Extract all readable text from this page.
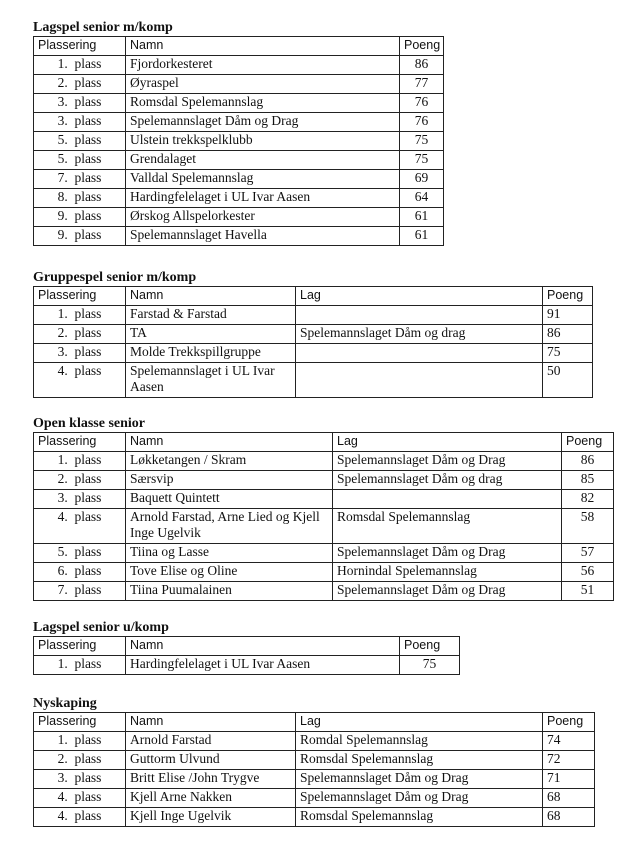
Lagspel senior m/komp
Plassering	Namn	Poeng
1.  plass	Fjordorkesteret	86
2.  plass	Øyraspel	77
3.  plass	Romsdal Spelemannslag	76
3.  plass	Spelemannslaget Dåm og Drag	76
5.  plass	Ulstein trekkspelklubb	75
5.  plass	Grendalaget	75
7.  plass	Valldal Spelemannslag	69
8.  plass	Hardingfelelaget i UL Ivar Aasen	64
9.  plass	Ørskog Allspelorkester	61
9.  plass	Spelemannslaget Havella	61
Gruppespel senior m/komp
Plassering	Namn	Lag	Poeng
1.  plass	Farstad & Farstad		91
2.  plass	TA	Spelemannslaget Dåm og drag	86
3.  plass	Molde Trekkspillgruppe		75
4.  plass	Spelemannslaget i UL Ivar Aasen		50
Open klasse senior
Plassering	Namn	Lag	Poeng
1.  plass	Løkketangen / Skram	Spelemannslaget Dåm og Drag	86
2.  plass	Særsvip	Spelemannslaget Dåm og drag	85
3.  plass	Baquett Quintett		82
4.  plass	Arnold Farstad, Arne Lied og Kjell Inge Ugelvik	Romsdal Spelemannslag	58
5.  plass	Tiina og Lasse	Spelemannslaget Dåm og Drag	57
6.  plass	Tove Elise og Oline	Hornindal Spelemannslag	56
7.  plass	Tiina Puumalainen	Spelemannslaget Dåm og Drag	51
Lagspel senior u/komp
Plassering	Namn	Poeng
1.  plass	Hardingfelelaget i UL Ivar Aasen	75
Nyskaping
Plassering	Namn	Lag	Poeng
1.  plass	Arnold Farstad	Romdal Spelemannslag	74
2.  plass	Guttorm Ulvund	Romsdal Spelemannslag	72
3.  plass	Britt Elise /John Trygve	Spelemannslaget Dåm og Drag	71
4.  plass	Kjell Arne Nakken	Spelemannslaget Dåm og Drag	68
4.  plass	Kjell Inge Ugelvik	Romsdal Spelemannslag	68
